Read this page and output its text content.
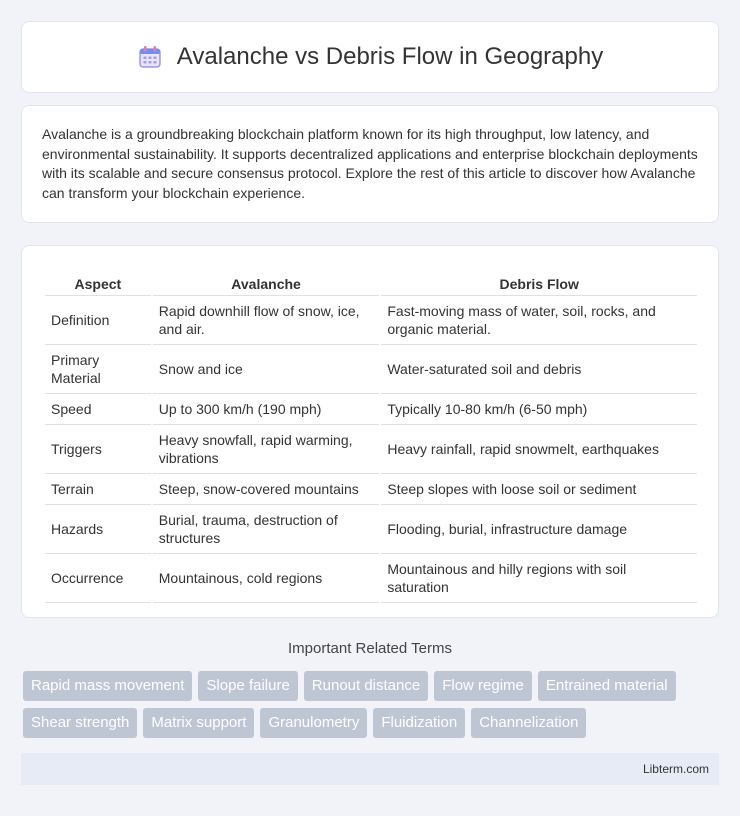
Avalanche vs Debris Flow in Geography

Avalanche is a groundbreaking blockchain platform known for its high throughput, low latency, and environmental sustainability. It supports decentralized applications and enterprise blockchain deployments with its scalable and secure consensus protocol. Explore the rest of this article to discover how Avalanche can transform your blockchain experience.

Aspect	Avalanche	Debris Flow
Definition	Rapid downhill flow of snow, ice, and air.	Fast-moving mass of water, soil, rocks, and organic material.
Primary Material	Snow and ice	Water-saturated soil and debris
Speed	Up to 300 km/h (190 mph)	Typically 10-80 km/h (6-50 mph)
Triggers	Heavy snowfall, rapid warming, vibrations	Heavy rainfall, rapid snowmelt, earthquakes
Terrain	Steep, snow-covered mountains	Steep slopes with loose soil or sediment
Hazards	Burial, trauma, destruction of structures	Flooding, burial, infrastructure damage
Occurrence	Mountainous, cold regions	Mountainous and hilly regions with soil saturation
Important Related Terms
Rapid mass movement	Slope failure	Runout distance	Flow regime	Entrained material
Shear strength	Matrix support	Granulometry	Fluidization	Channelization
Libterm.com
